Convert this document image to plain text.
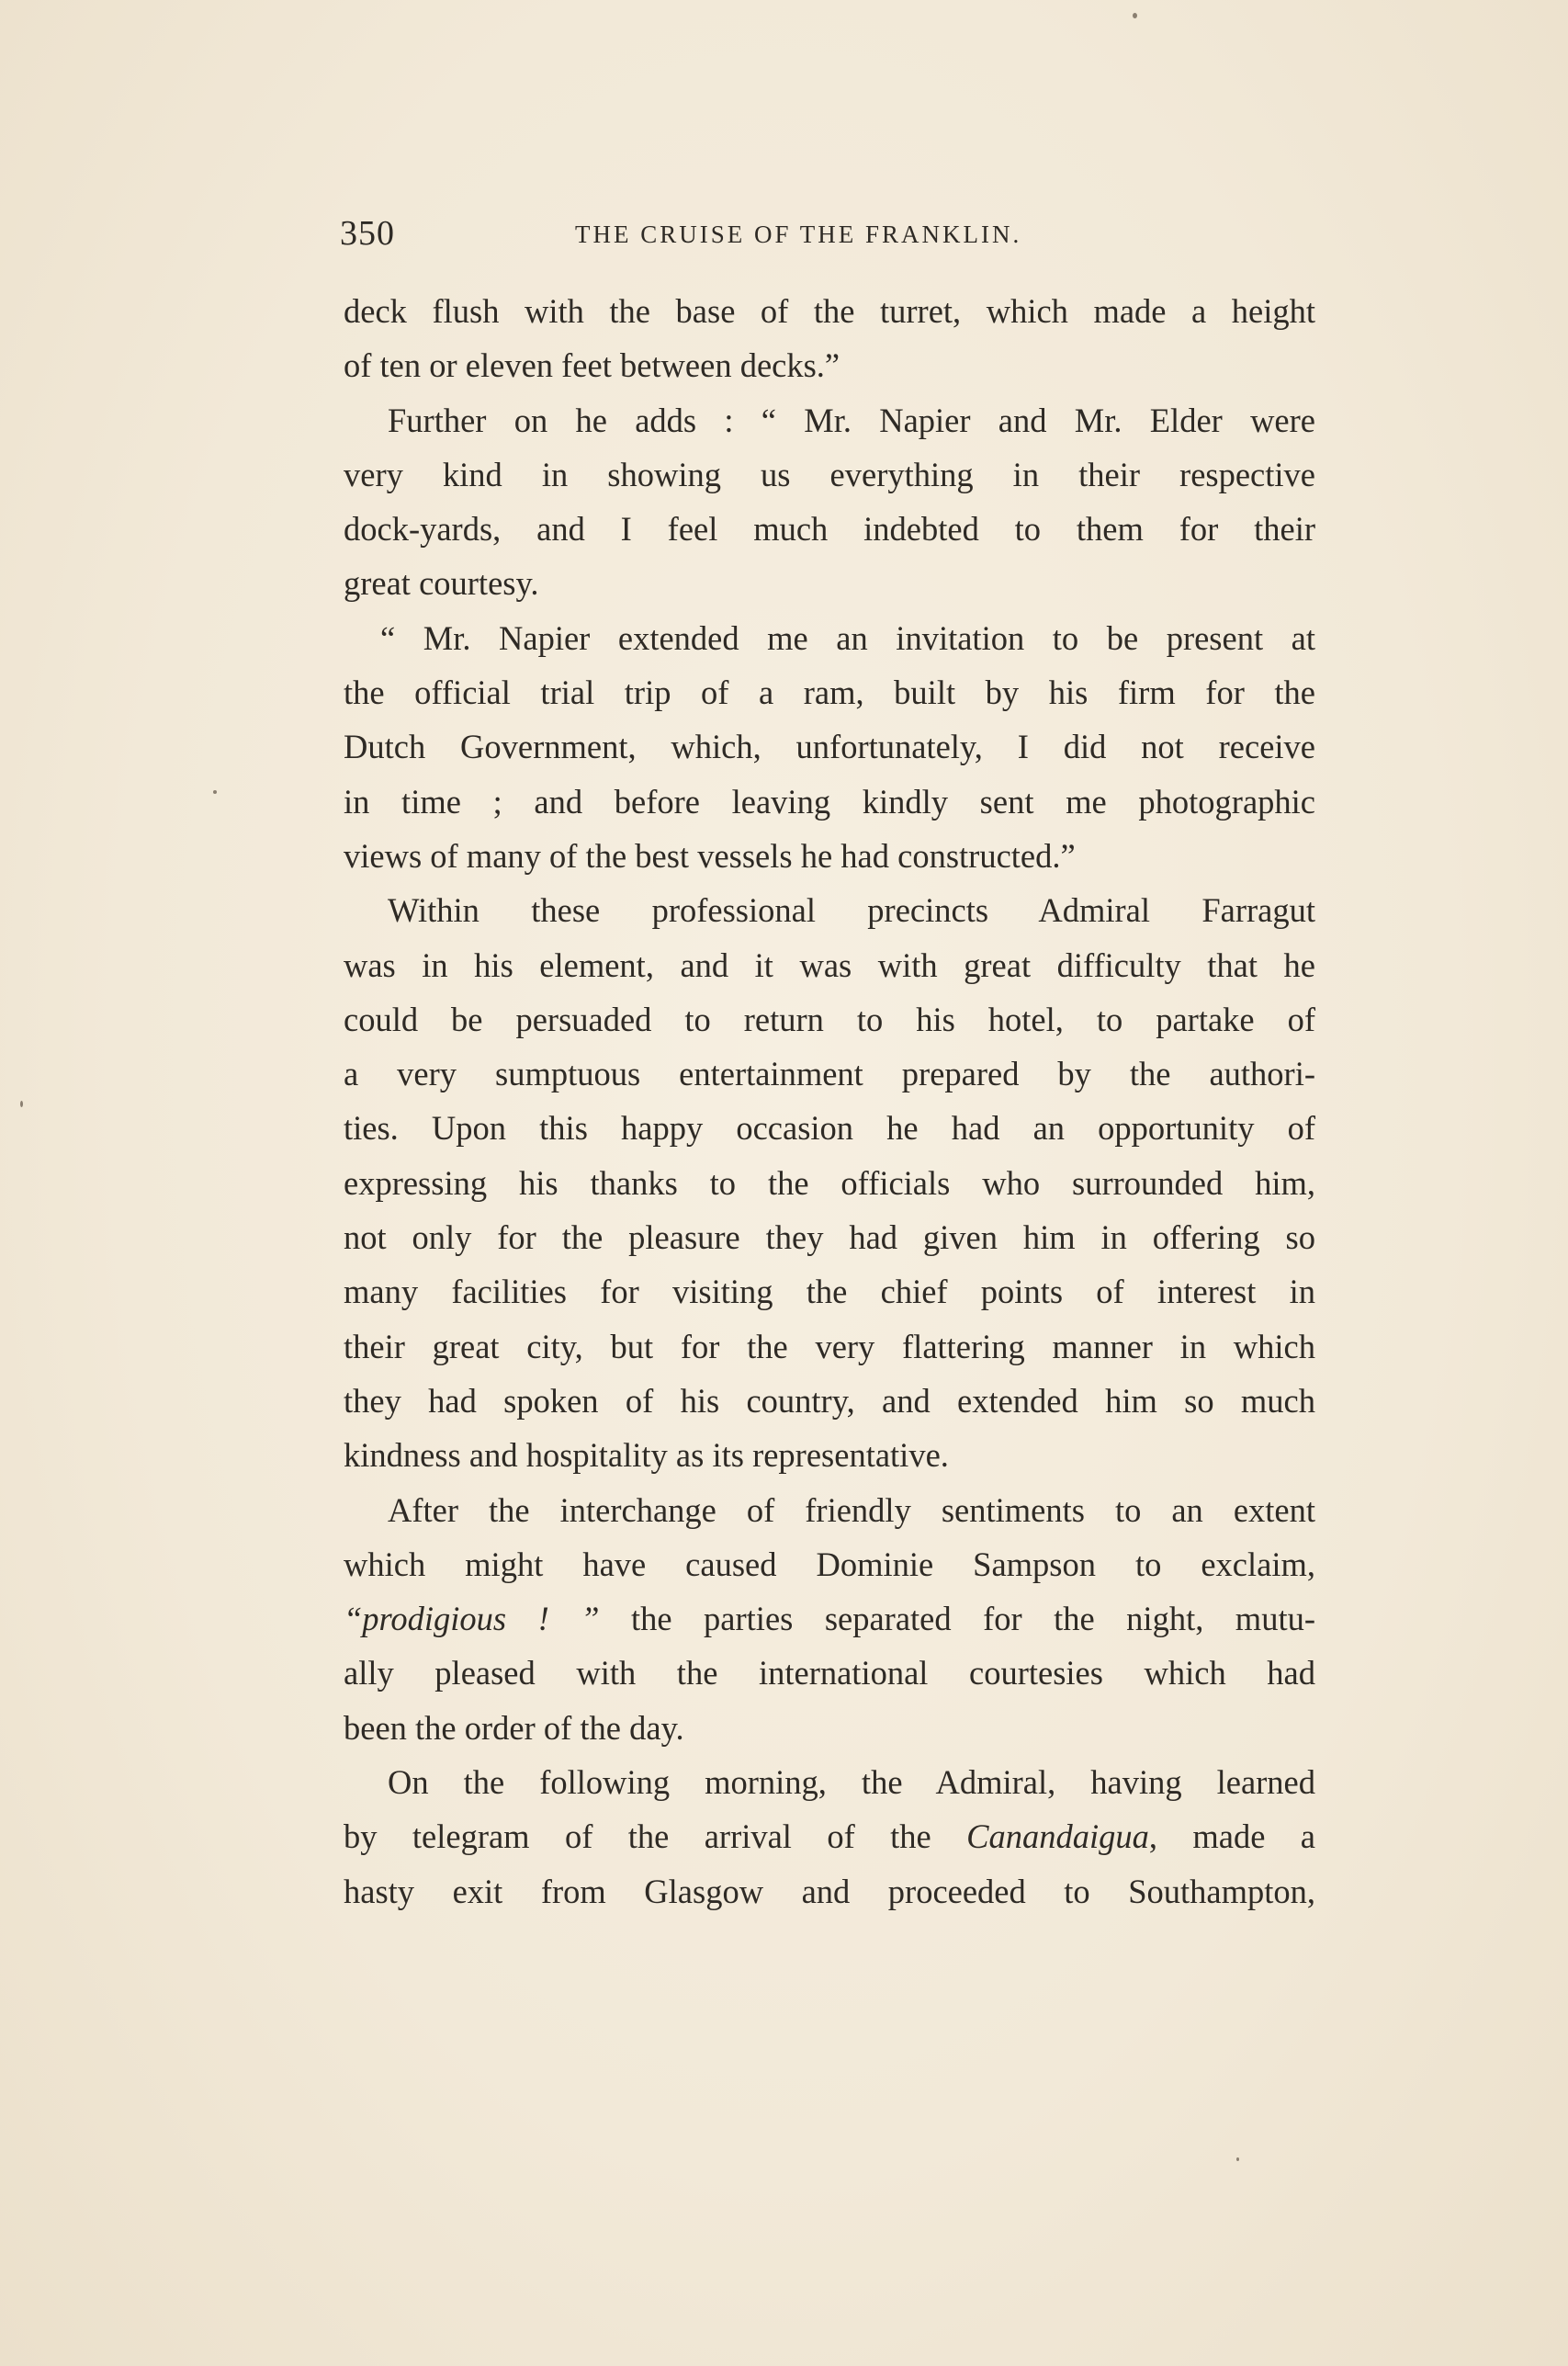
350	THE CRUISE OF THE FRANKLIN.
deck flush with the base of the turret, which made a height
of ten or eleven feet between decks.”
Further on he adds : “ Mr. Napier and Mr. Elder were
very kind in showing us everything in their respective
dock-yards, and I feel much indebted to them for their
great courtesy.
“ Mr. Napier extended me an invitation to be present at
the official trial trip of a ram, built by his firm for the
Dutch Government, which, unfortunately, I did not receive
in time ; and before leaving kindly sent me photographic
views of many of the best vessels he had constructed.”
Within these professional precincts Admiral Farragut
was in his element, and it was with great difficulty that he
could be persuaded to return to his hotel, to partake of
a very sumptuous entertainment prepared by the authori-
ties. Upon this happy occasion he had an opportunity of
expressing his thanks to the officials who surrounded him,
not only for the pleasure they had given him in offering so
many facilities for visiting the chief points of interest in
their great city, but for the very flattering manner in which
they had spoken of his country, and extended him so much
kindness and hospitality as its representative.
After the interchange of friendly sentiments to an extent
which might have caused Dominie Sampson to exclaim,
“prodigious ! ” the parties separated for the night, mutu-
ally pleased with the international courtesies which had
been the order of the day.
On the following morning, the Admiral, having learned
by telegram of the arrival of the Canandaigua, made a
hasty exit from Glasgow and proceeded to Southampton,
